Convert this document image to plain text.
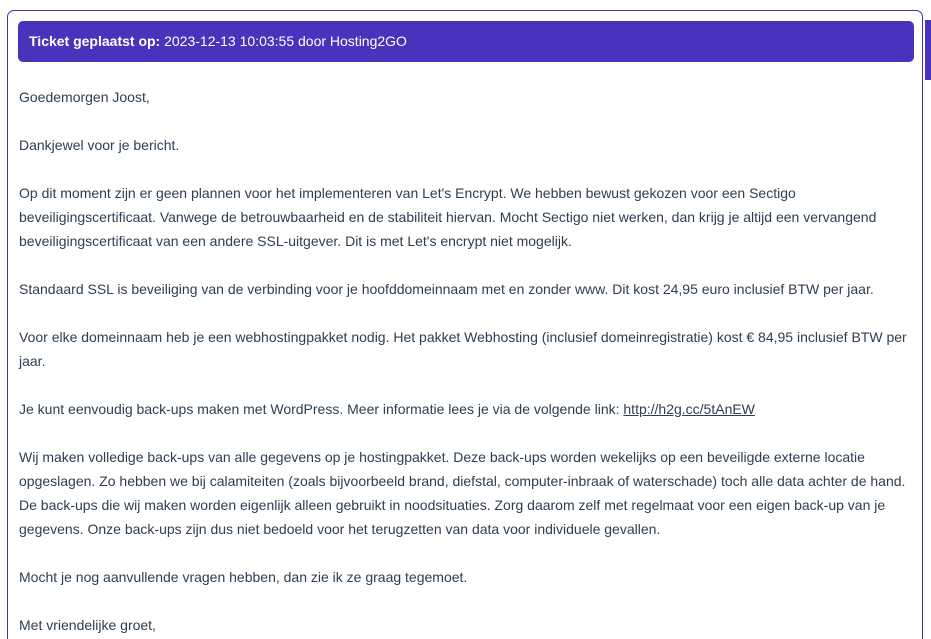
Ticket geplaatst op: 2023-12-13 10:03:55 door Hosting2GO

Goedemorgen Joost,

Dankjewel voor je bericht.

Op dit moment zijn er geen plannen voor het implementeren van Let's Encrypt. We hebben bewust gekozen voor een Sectigo beveiligingscertificaat. Vanwege de betrouwbaarheid en de stabiliteit hiervan. Mocht Sectigo niet werken, dan krijg je altijd een vervangend beveiligingscertificaat van een andere SSL-uitgever. Dit is met Let's encrypt niet mogelijk.

Standaard SSL is beveiliging van de verbinding voor je hoofddomeinnaam met en zonder www. Dit kost 24,95 euro inclusief BTW per jaar.

Voor elke domeinnaam heb je een webhostingpakket nodig. Het pakket Webhosting (inclusief domeinregistratie) kost € 84,95 inclusief BTW per jaar.

Je kunt eenvoudig back-ups maken met WordPress. Meer informatie lees je via de volgende link: http://h2g.cc/5tAnEW

Wij maken volledige back-ups van alle gegevens op je hostingpakket. Deze back-ups worden wekelijks op een beveiligde externe locatie opgeslagen. Zo hebben we bij calamiteiten (zoals bijvoorbeeld brand, diefstal, computer-inbraak of waterschade) toch alle data achter de hand. De back-ups die wij maken worden eigenlijk alleen gebruikt in noodsituaties. Zorg daarom zelf met regelmaat voor een eigen back-up van je gegevens. Onze back-ups zijn dus niet bedoeld voor het terugzetten van data voor individuele gevallen.

Mocht je nog aanvullende vragen hebben, dan zie ik ze graag tegemoet.

Met vriendelijke groet,
